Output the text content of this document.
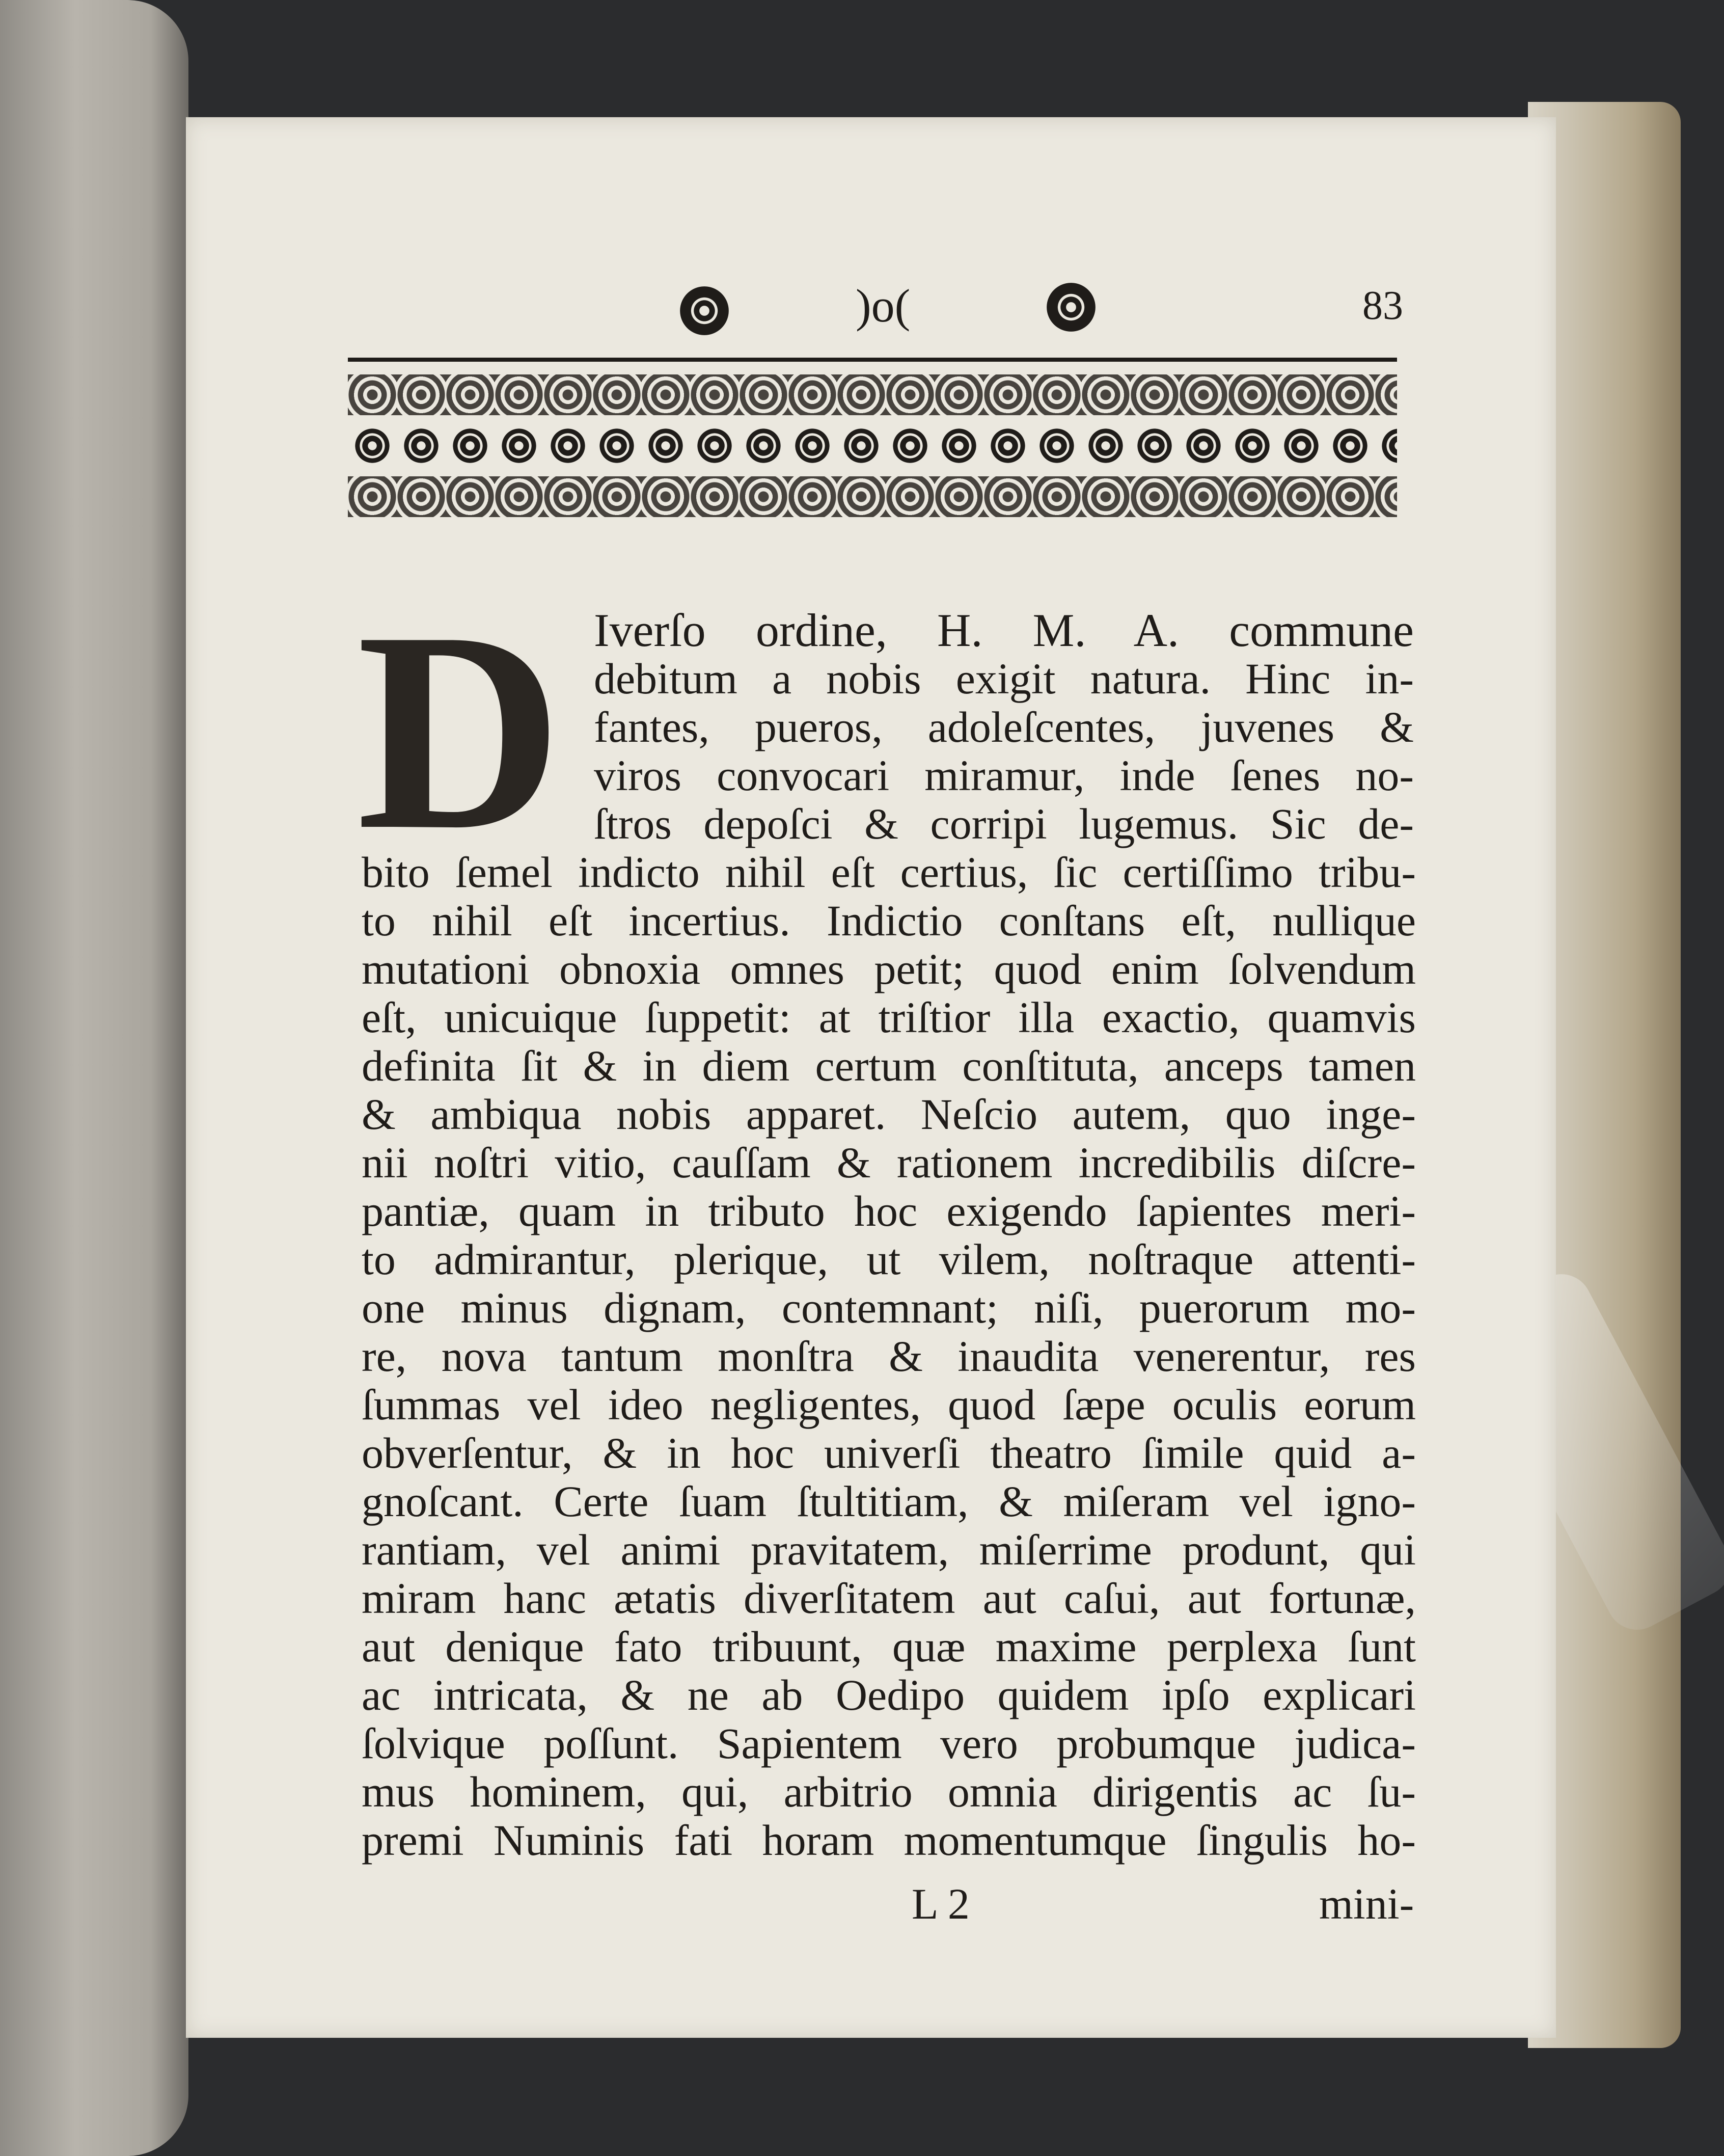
)o(	83
D Iverſo ordine, H. M. A. commune
debitum a nobis exigit natura. Hinc in-
fantes, pueros, adoleſcentes, juvenes &
viros convocari miramur, inde ſenes no-
ſtros depoſci & corripi lugemus. Sic de-
bito ſemel indicto nihil eſt certius, ſic certiſſimo tribu-
to nihil eſt incertius. Indictio conſtans eſt, nullique
mutationi obnoxia omnes petit; quod enim ſolvendum
eſt, unicuique ſuppetit: at triſtior illa exactio, quamvis
definita ſit & in diem certum conſtituta, anceps tamen
& ambiqua nobis apparet. Neſcio autem, quo inge-
nii noſtri vitio, cauſſam & rationem incredibilis diſcre-
pantiæ, quam in tributo hoc exigendo ſapientes meri-
to admirantur, plerique, ut vilem, noſtraque attenti-
one minus dignam, contemnant; niſi, puerorum mo-
re, nova tantum monſtra & inaudita venerentur, res
ſummas vel ideo negligentes, quod ſæpe oculis eorum
obverſentur, & in hoc univerſi theatro ſimile quid a-
gnoſcant. Certe ſuam ſtultitiam, & miſeram vel igno-
rantiam, vel animi pravitatem, miſerrime produnt, qui
miram hanc ætatis diverſitatem aut caſui, aut fortunæ,
aut denique fato tribuunt, quæ maxime perplexa ſunt
ac intricata, & ne ab Oedipo quidem ipſo explicari
ſolvique poſſunt. Sapientem vero probumque judica-
mus hominem, qui, arbitrio omnia dirigentis ac ſu-
premi Numinis fati horam momentumque ſingulis ho-
L 2	mini-
